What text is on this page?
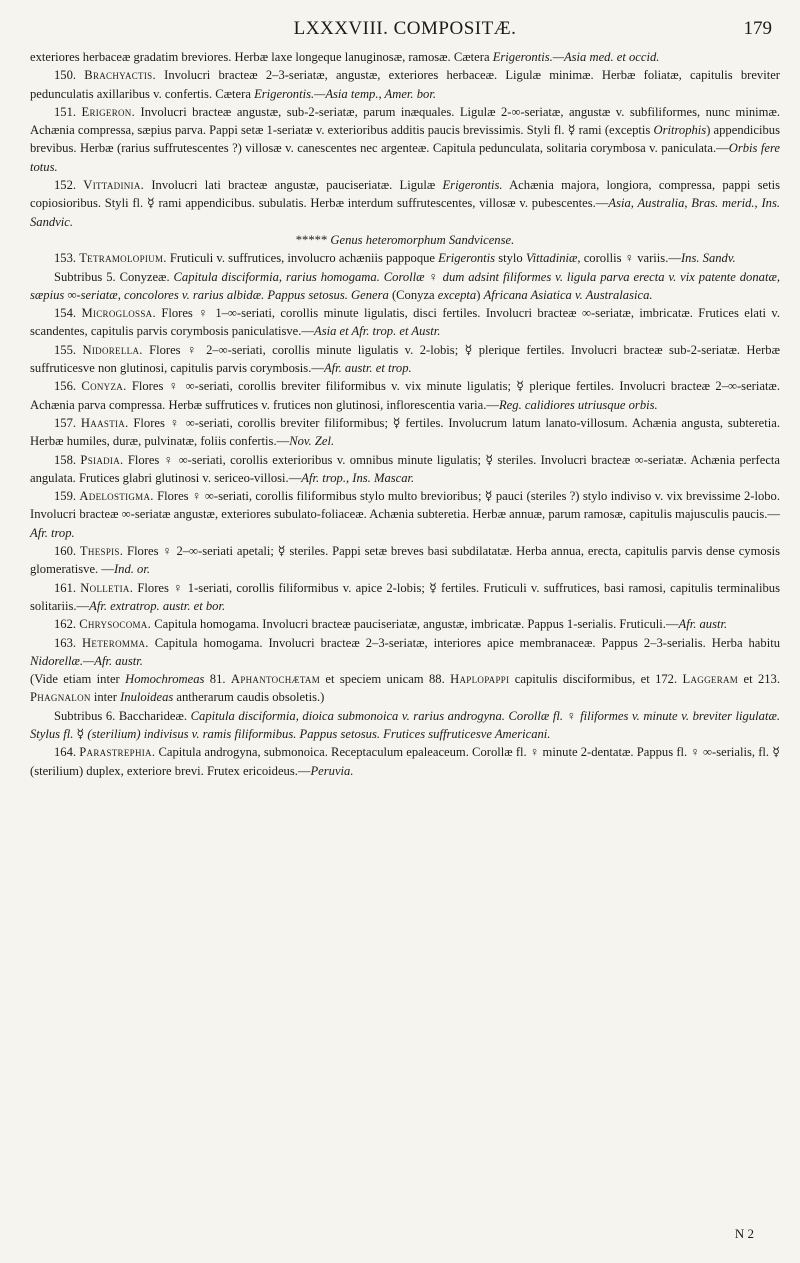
LXXXVIII. COMPOSITÆ.	179

exteriores herbaceæ gradatim breviores. Herbæ laxe longeque lanuginosæ, ramosæ. Cætera Erigerontis.—Asia med. et occid.

150. Brachyactis. Involucri bracteæ 2–3-seriatæ, angustæ, exteriores herbaceæ. Ligulæ minimæ. Herbæ foliatæ, capitulis breviter pedunculatis axillaribus v. confertis. Cætera Erigerontis.—Asia temp., Amer. bor.

151. Erigeron. Involucri bracteæ angustæ, sub-2-seriatæ, parum inæquales. Ligulæ 2-∞-seriatæ, angustæ v. subfiliformes, nunc minimæ. Achænia compressa, sæpius parva. Pappi setæ 1-seriatæ v. exterioribus additis paucis brevissimis. Styli fl. ☿ rami (exceptis Oritrophis) appendicibus brevibus. Herbæ (rarius suffrutescentes ?) villosæ v. canescentes nec argenteæ. Capitula pedunculata, solitaria corymbosa v. paniculata.—Orbis fere totus.

152. Vittadinia. Involucri lati bracteæ angustæ, pauciseriatæ. Ligulæ Erigerontis. Achænia majora, longiora, compressa, pappi setis copiosioribus. Styli fl. ☿ rami appendicibus. subulatis. Herbæ interdum suffrutescentes, villosæ v. pubescentes.—Asia, Australia, Bras. merid., Ins. Sandvic.

***** Genus heteromorphum Sandvicense.

153. Tetramolopium. Fruticuli v. suffrutices, involucro achæniis pappoque Erigerontis stylo Vittadiniæ, corollis ♀ variis.—Ins. Sandv.

Subtribus 5. Conyzeæ. Capitula disciformia, rarius homogama. Corollæ ♀ dum adsint filiformes v. ligula parva erecta v. vix patente donatæ, sæpius ∞-seriatæ, concolores v. rarius albidæ. Pappus setosus. Genera (Conyza excepta) Africana Asiatica v. Australasica.

154. Microglossa. Flores ♀ 1–∞-seriati, corollis minute ligulatis, disci fertiles. Involucri bracteæ ∞-seriatæ, imbricatæ. Frutices elati v. scandentes, capitulis parvis corymbosis paniculatisve.—Asia et Afr. trop. et Austr.

155. Nidorella. Flores ♀ 2–∞-seriati, corollis minute ligulatis v. 2-lobis; ☿ plerique fertiles. Involucri bracteæ sub-2-seriatæ. Herbæ suffruticesve non glutinosi, capitulis parvis corymbosis.—Afr. austr. et trop.

156. Conyza. Flores ♀ ∞-seriati, corollis breviter filiformibus v. vix minute ligulatis; ☿ plerique fertiles. Involucri bracteæ 2–∞-seriatæ. Achænia parva compressa. Herbæ suffrutices v. frutices non glutinosi, inflorescentia varia.—Reg. calidiores utriusque orbis.

157. Haastia. Flores ♀ ∞-seriati, corollis breviter filiformibus; ☿ fertiles. Involucrum latum lanato-villosum. Achænia angusta, subteretia. Herbæ humiles, duræ, pulvinatæ, foliis confertis.—Nov. Zel.

158. Psiadia. Flores ♀ ∞-seriati, corollis exterioribus v. omnibus minute ligulatis; ☿ steriles. Involucri bracteæ ∞-seriatæ. Achænia perfecta angulata. Frutices glabri glutinosi v. sericeo-villosi.—Afr. trop., Ins. Mascar.

159. Adelostigma. Flores ♀ ∞-seriati, corollis filiformibus stylo multo brevioribus; ☿ pauci (steriles ?) stylo indiviso v. vix brevissime 2-lobo. Involucri bracteæ ∞-seriatæ angustæ, exteriores subulato-foliaceæ. Achænia subteretia. Herbæ annuæ, parum ramosæ, capitulis majusculis paucis.—Afr. trop.

160. Thespis. Flores ♀ 2–∞-seriati apetali; ☿ steriles. Pappi setæ breves basi subdilatatæ. Herba annua, erecta, capitulis parvis dense cymosis glomeratisve. —Ind. or.

161. Nolletia. Flores ♀ 1-seriati, corollis filiformibus v. apice 2-lobis; ☿ fertiles. Fruticuli v. suffrutices, basi ramosi, capitulis terminalibus solitariis.—Afr. extratrop. austr. et bor.

162. Chrysocoma. Capitula homogama. Involucri bracteæ pauciseriatæ, angustæ, imbricatæ. Pappus 1-serialis. Fruticuli.—Afr. austr.

163. Heteromma. Capitula homogama. Involucri bracteæ 2–3-seriatæ, interiores apice membranaceæ. Pappus 2–3-serialis. Herba habitu Nidorellæ.—Afr. austr.

(Vide etiam inter Homochromeas 81. Aphantochætam et speciem unicam 88. Haplopappi capitulis disciformibus, et 172. Laggeram et 213. Phagnalon inter Inuloideas antherarum caudis obsoletis.)

Subtribus 6. Baccharideæ. Capitula disciformia, dioica submonoica v. rarius androgyna. Corollæ fl. ♀ filiformes v. minute v. breviter ligulatæ. Stylus fl. ☿ (sterilium) indivisus v. ramis filiformibus. Pappus setosus. Frutices suffruticesve Americani.

164. Parastrephia. Capitula androgyna, submonoica. Receptaculum epaleaceum. Corollæ fl. ♀ minute 2-dentatæ. Pappus fl. ♀ ∞-serialis, fl. ☿ (sterilium) duplex, exteriore brevi. Frutex ericoideus.—Peruvia.

N 2
